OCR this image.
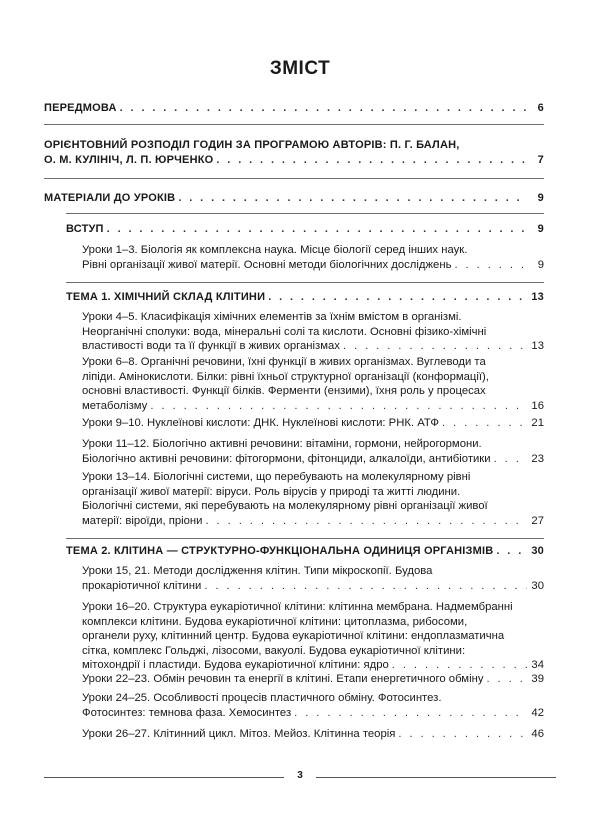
ЗМІСТ
ПЕРЕДМОВА . . .	6
ОРІЄНТОВНИЙ РОЗПОДІЛ ГОДИН ЗА ПРОГРАМОЮ АВТОРІВ: П. Г. БАЛАН,
О. М. КУЛІНІЧ, Л. П. ЮРЧЕНКО . . .	7
МАТЕРІАЛИ ДО УРОКІВ . . .	9
ВСТУП . . .	9
Уроки 1–3. Біологія як комплексна наука. Місце біології серед інших наук.
Рівні організації живої матерії. Основні методи біологічних досліджень . . .	9
ТЕМА 1. ХІМІЧНИЙ СКЛАД КЛІТИНИ . . .	13
Уроки 4–5. Класифікація хімічних елементів за їхнім вмістом в організмі.
Неорганічні сполуки: вода, мінеральні солі та кислоти. Основні фізико-хімічні
властивості води та її функції в живих організмах . . .	13
Уроки 6–8. Органічні речовини, їхні функції в живих організмах. Вуглеводи та
ліпіди. Амінокислоти. Білки: рівні їхньої структурної організації (конформації),
основні властивості. Функції білків. Ферменти (ензими), їхня роль у процесах
метаболізму . . .	16
Уроки 9–10. Нуклеїнові кислоти: ДНК. Нуклеїнові кислоти: РНК. АТФ . . .	21
Уроки 11–12. Біологічно активні речовини: вітаміни, гормони, нейрогормони.
Біологічно активні речовини: фітогормони, фітонциди, алкалоїди, антибіотики . . .	23
Уроки 13–14. Біологічні системи, що перебувають на молекулярному рівні
організації живої матерії: віруси. Роль вірусів у природі та житті людини.
Біологічні системи, які перебувають на молекулярному рівні організації живої
матерії: віроїди, пріони . . .	27
ТЕМА 2. КЛІТИНА — СТРУКТУРНО-ФУНКЦІОНАЛЬНА ОДИНИЦЯ ОРГАНІЗМІВ . . .	30
Уроки 15, 21. Методи дослідження клітин. Типи мікроскопії. Будова
прокаріотичної клітини . . .	30
Уроки 16–20. Структура еукаріотичної клітини: клітинна мембрана. Надмембранні
комплекси клітини. Будова еукаріотичної клітини: цитоплазма, рибосоми,
органели руху, клітинний центр. Будова еукаріотичної клітини: ендоплазматична
сітка, комплекс Гольджі, лізосоми, вакуолі. Будова еукаріотичної клітини:
мітохондрії і пластиди. Будова еукаріотичної клітини: ядро . . .	34
Уроки 22–23. Обмін речовин та енергії в клітині. Етапи енергетичного обміну . . .	39
Уроки 24–25. Особливості процесів пластичного обміну. Фотосинтез.
Фотосинтез: темнова фаза. Хемосинтез . . .	42
Уроки 26–27. Клітинний цикл. Мітоз. Мейоз. Клітинна теорія . . .	46
3
